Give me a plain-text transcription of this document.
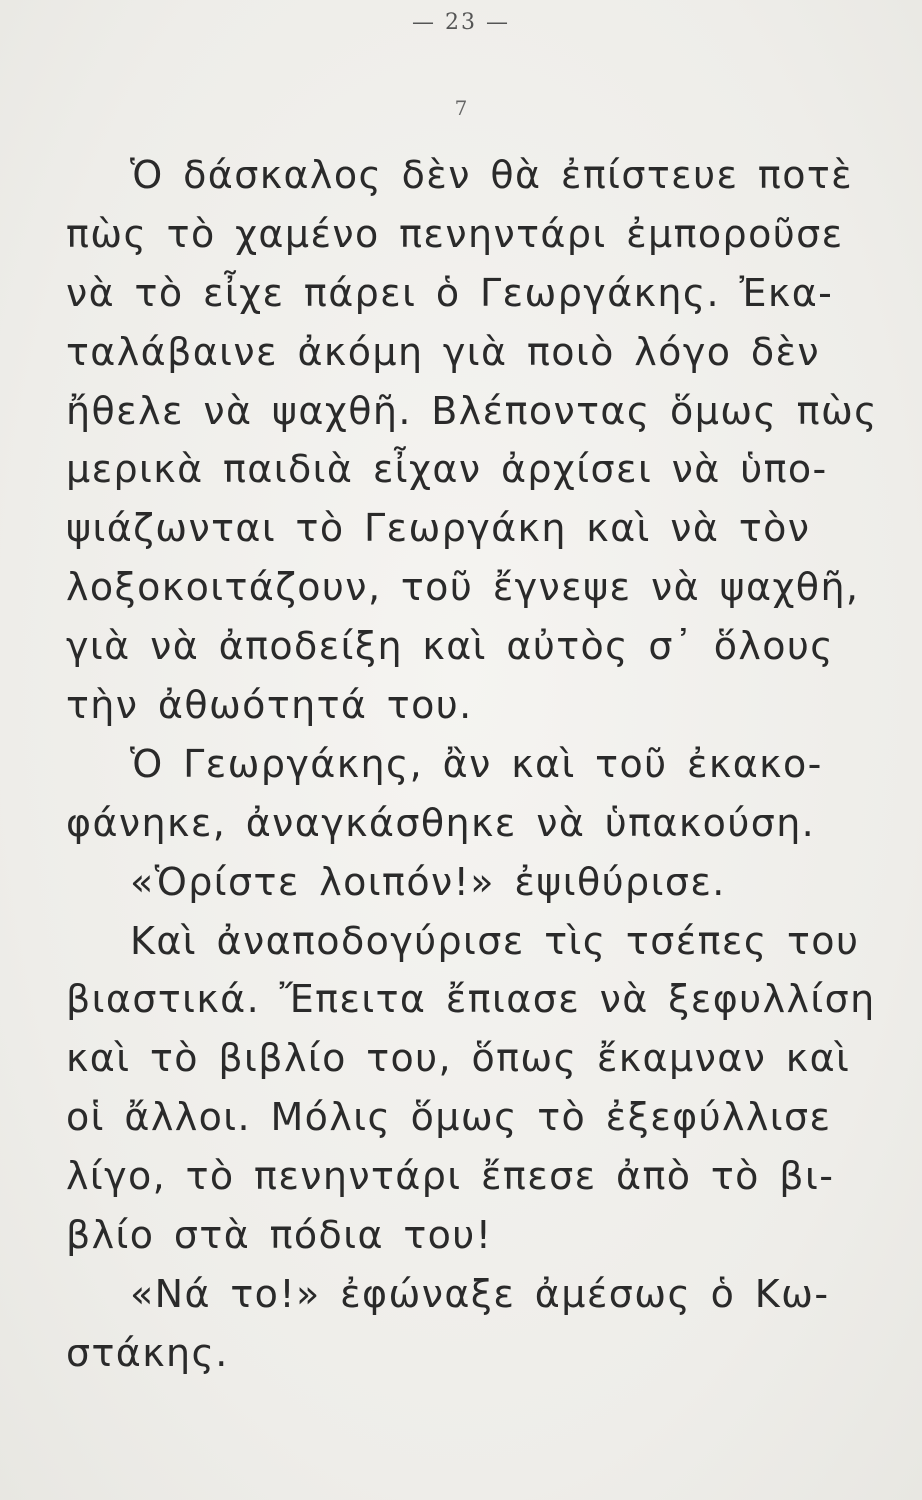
— 23 —
7
Ὁ δάσκαλος δὲν θὰ ἐπίστευε ποτὲ
πὼς τὸ χαμένο πενηντάρι ἐμποροῦσε
νὰ τὸ εἶχε πάρει ὁ Γεωργάκης. Ἐκα-
ταλάβαινε ἀκόμη γιὰ ποιὸ λόγο δὲν
ἤθελε νὰ ψαχθῆ. Βλέποντας ὅμως πὼς
μερικὰ παιδιὰ εἶχαν ἀρχίσει νὰ ὑπο-
ψιάζωνται τὸ Γεωργάκη καὶ νὰ τὸν
λοξοκοιτάζουν, τοῦ ἔγνεψε νὰ ψαχθῆ,
γιὰ νὰ ἀποδείξη καὶ αὐτὸς σ᾽ ὅλους
τὴν ἀθωότητά του.
Ὁ Γεωργάκης, ἂν καὶ τοῦ ἐκακο-
φάνηκε, ἀναγκάσθηκε νὰ ὑπακούση.
«Ὁρίστε λοιπόν!» ἐψιθύρισε.
Καὶ ἀναποδογύρισε τὶς τσέπες του
βιαστικά. Ἔπειτα ἔπιασε νὰ ξεφυλλίση
καὶ τὸ βιβλίο του, ὅπως ἔκαμναν καὶ
οἱ ἄλλοι. Μόλις ὅμως τὸ ἐξεφύλλισε
λίγο, τὸ πενηντάρι ἔπεσε ἀπὸ τὸ βι-
βλίο στὰ πόδια του!
«Νά το!» ἐφώναξε ἀμέσως ὁ Κω-
στάκης.
